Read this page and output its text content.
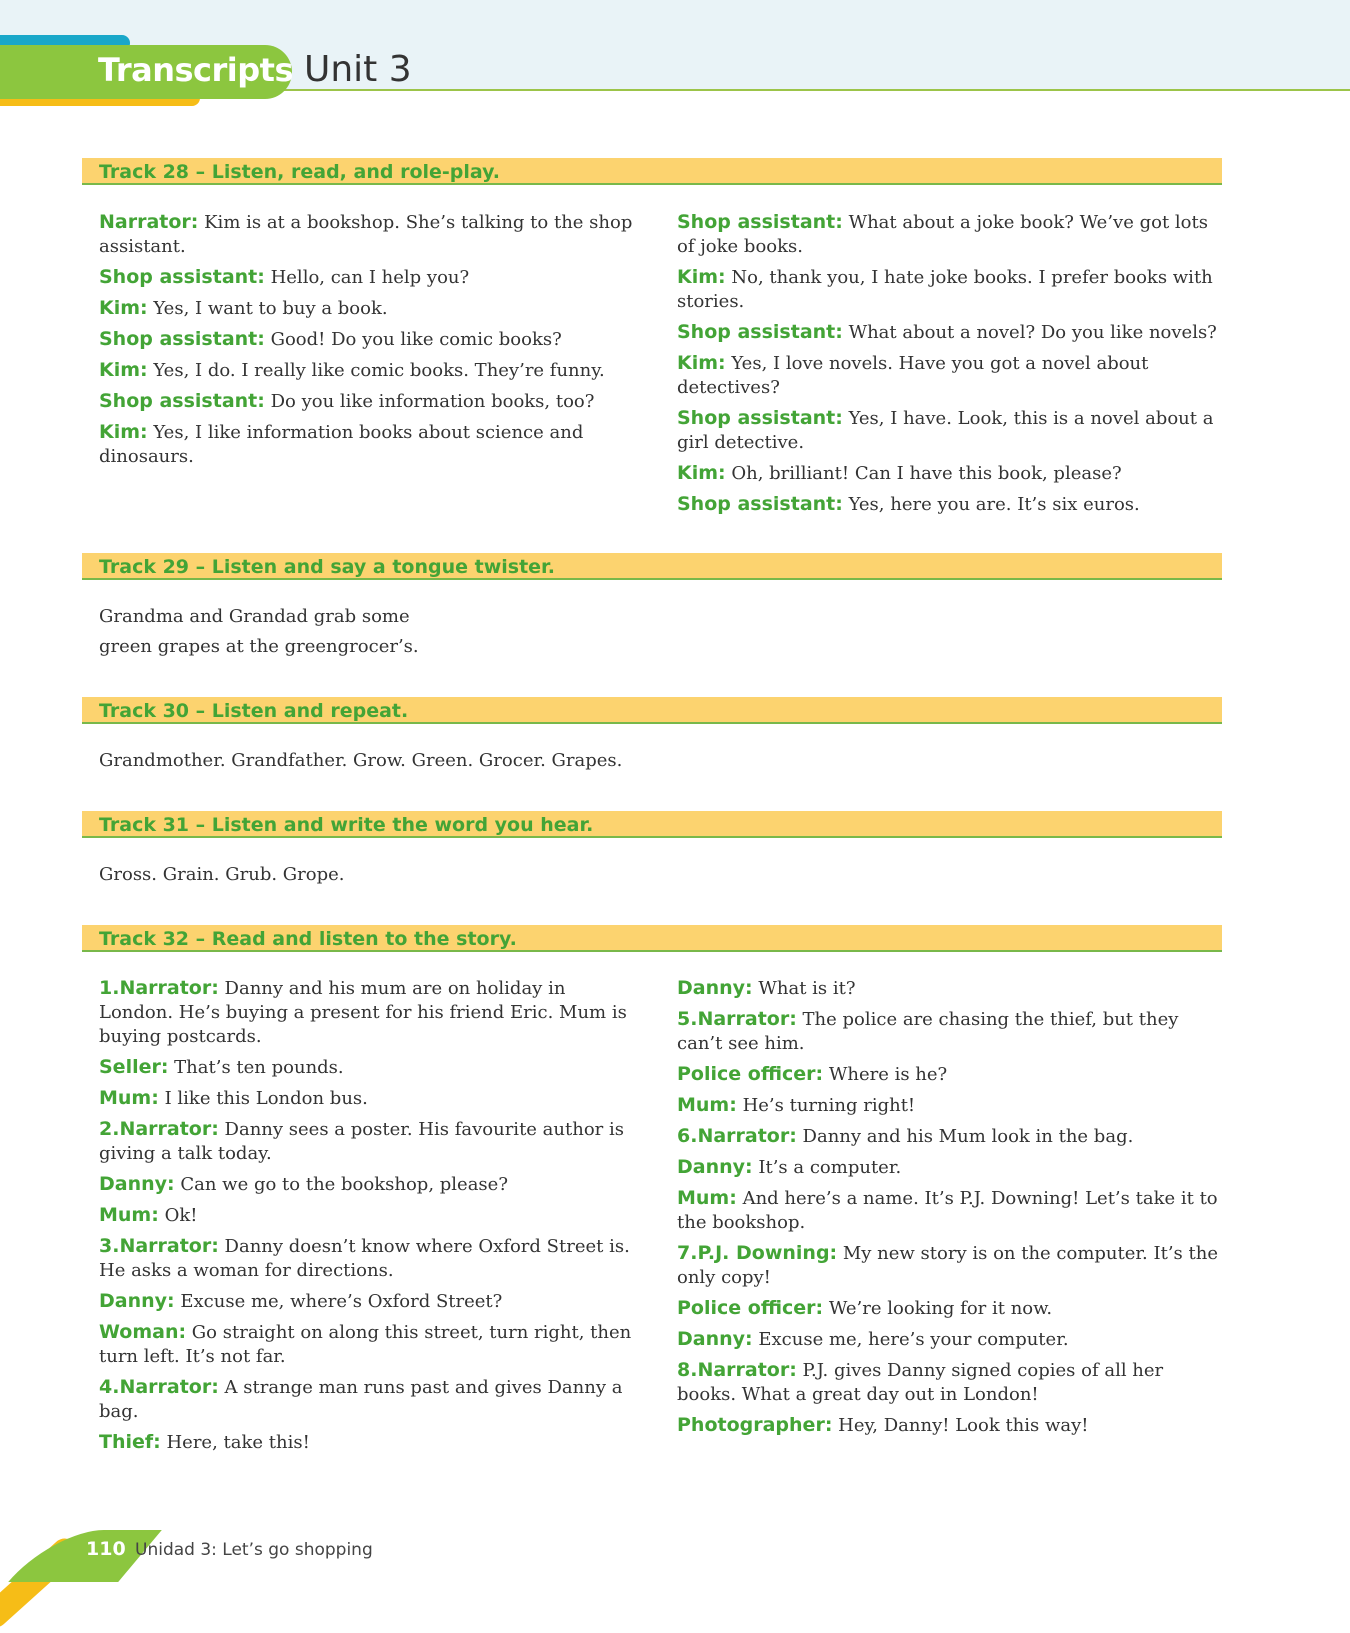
Transcripts Unit 3
Track 28 – Listen, read, and role-play.

Narrator: Kim is at a bookshop. She’s talking to the shop assistant.

Shop assistant: Hello, can I help you?

Kim: Yes, I want to buy a book.

Shop assistant: Good! Do you like comic books?

Kim: Yes, I do. I really like comic books. They’re funny.

Shop assistant: Do you like information books, too?

Kim: Yes, I like information books about science and dinosaurs.

Shop assistant: What about a joke book? We’ve got lots of joke books.

Kim: No, thank you, I hate joke books. I prefer books with stories.

Shop assistant: What about a novel? Do you like novels?

Kim: Yes, I love novels. Have you got a novel about detectives?

Shop assistant: Yes, I have. Look, this is a novel about a girl detective.

Kim: Oh, brilliant! Can I have this book, please?

Shop assistant: Yes, here you are. It’s six euros.

Track 29 – Listen and say a tongue twister.
Grandma and Grandad grab some
green grapes at the greengrocer’s.
Track 30 – Listen and repeat.
Grandmother. Grandfather. Grow. Green. Grocer. Grapes.
Track 31 – Listen and write the word you hear.
Gross. Grain. Grub. Grope.
Track 32 – Read and listen to the story.

1.Narrator: Danny and his mum are on holiday in London. He’s buying a present for his friend Eric. Mum is buying postcards.

Seller: That’s ten pounds.

Mum: I like this London bus.

2.Narrator: Danny sees a poster. His favourite author is giving a talk today.

Danny: Can we go to the bookshop, please?

Mum: Ok!

3.Narrator: Danny doesn’t know where Oxford Street is. He asks a woman for directions.

Danny: Excuse me, where’s Oxford Street?

Woman: Go straight on along this street, turn right, then turn left. It’s not far.

4.Narrator: A strange man runs past and gives Danny a bag.

Thief: Here, take this!

Danny: What is it?

5.Narrator: The police are chasing the thief, but they can’t see him.

Police officer: Where is he?

Mum: He’s turning right!

6.Narrator: Danny and his Mum look in the bag.

Danny: It’s a computer.

Mum: And here’s a name. It’s P.J. Downing! Let’s take it to the bookshop.

7.P.J. Downing: My new story is on the computer. It’s the only copy!

Police officer: We’re looking for it now.

Danny: Excuse me, here’s your computer.

8.Narrator: P.J. gives Danny signed copies of all her books. What a great day out in London!

Photographer: Hey, Danny! Look this way!

110 Unidad 3: Let’s go shopping
